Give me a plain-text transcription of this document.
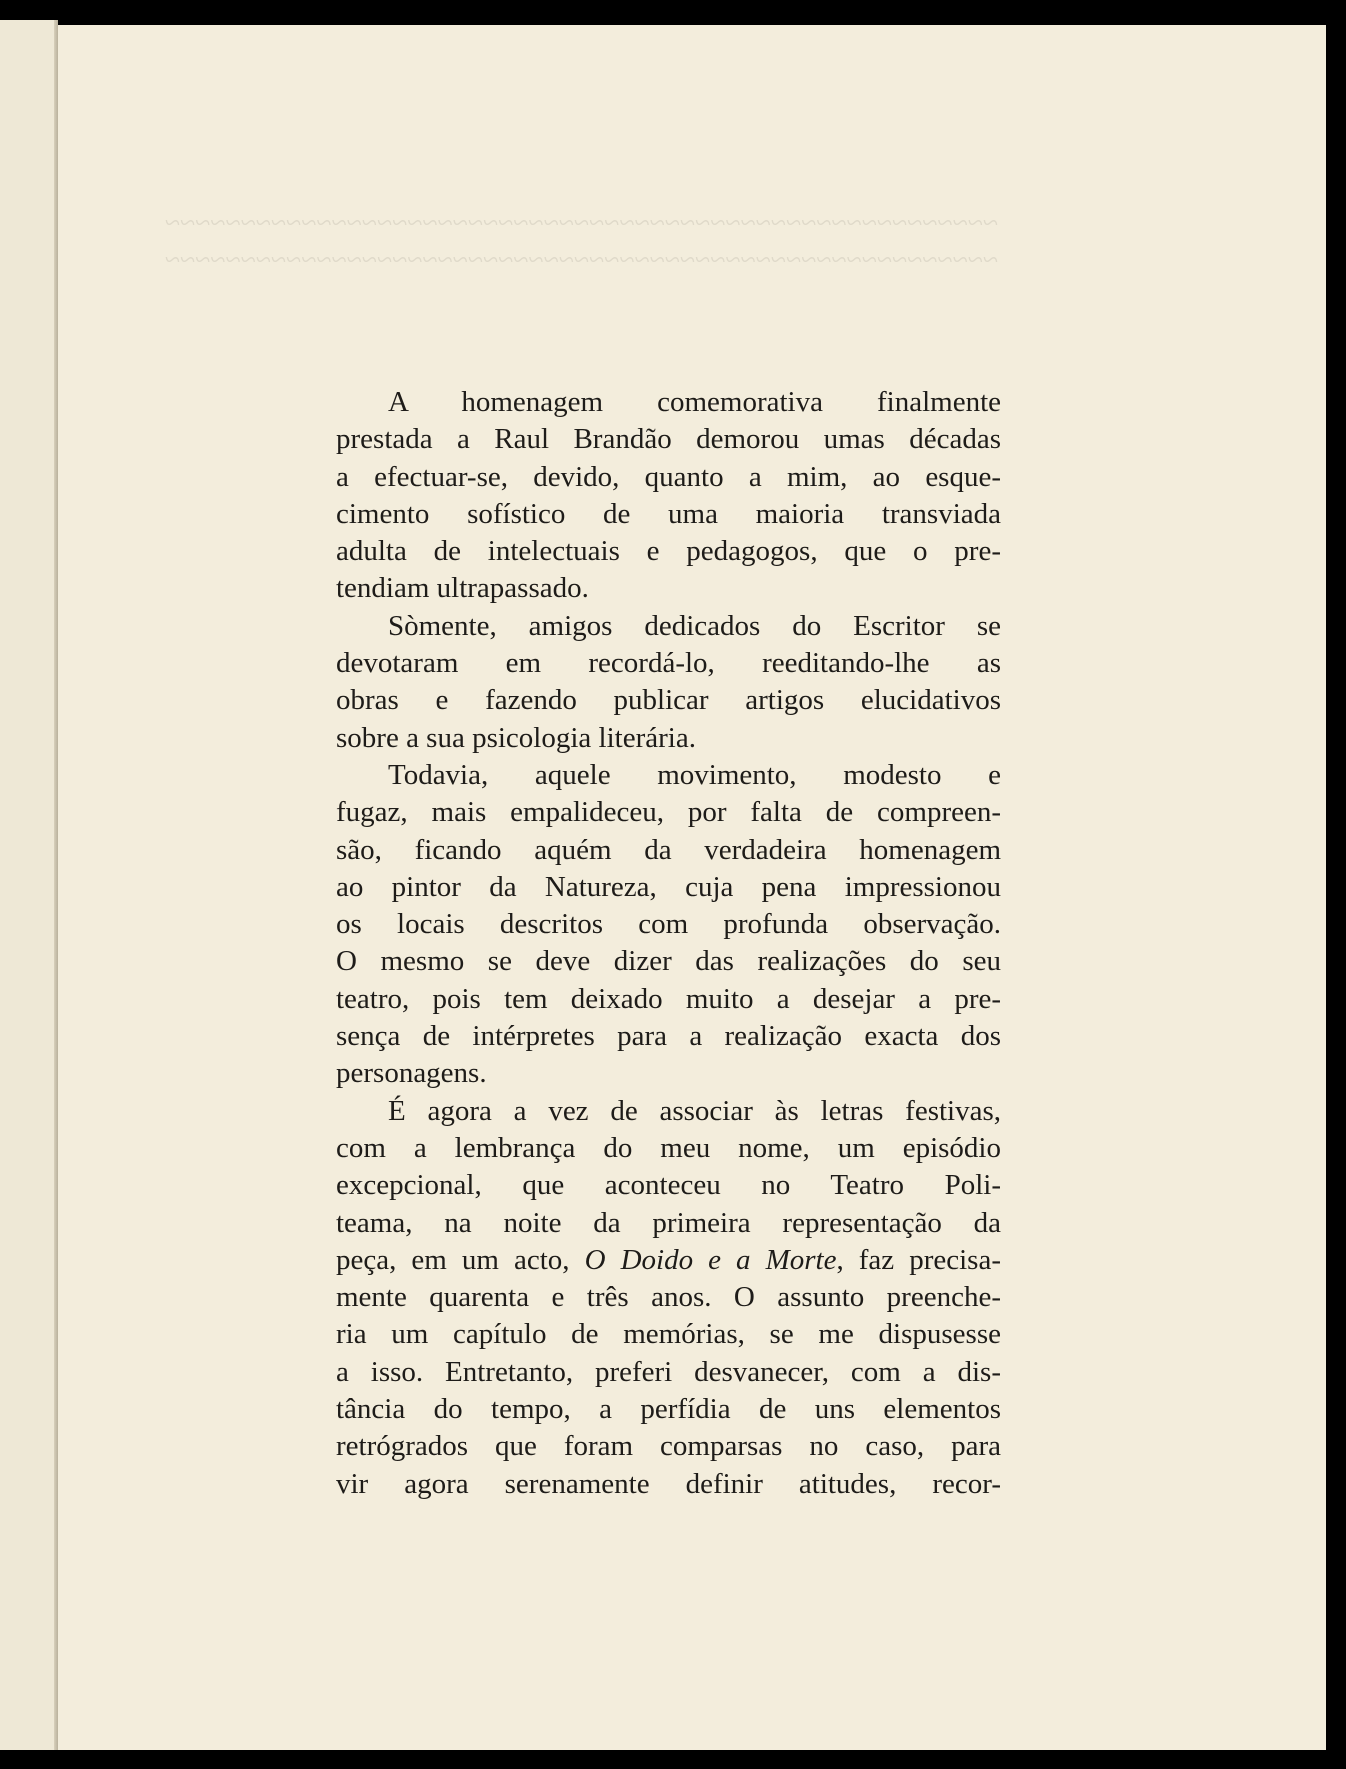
~~~~~~~~~~~~~~~~~~~~~~~~~~~~~~~~~~~~~~~~~~~~~~~~~~~~~~~

~~~~~~~~~~~~~~~~~~~~~~~~~~~~~~~~~~~~~~~~~~~~~~~~~~~~~~~

A homenagem comemorativa finalmente
prestada a Raul Brandão demorou umas décadas
a efectuar-se, devido, quanto a mim, ao esque-
cimento sofístico de uma maioria transviada
adulta de intelectuais e pedagogos, que o pre-
tendiam ultrapassado.
Sòmente, amigos dedicados do Escritor se
devotaram em recordá-lo, reeditando-lhe as
obras e fazendo publicar artigos elucidativos
sobre a sua psicologia literária.
Todavia, aquele movimento, modesto e
fugaz, mais empalideceu, por falta de compreen-
são, ficando aquém da verdadeira homenagem
ao pintor da Natureza, cuja pena impressionou
os locais descritos com profunda observação.
O mesmo se deve dizer das realizações do seu
teatro, pois tem deixado muito a desejar a pre-
sença de intérpretes para a realização exacta dos
personagens.
É agora a vez de associar às letras festivas,
com a lembrança do meu nome, um episódio
excepcional, que aconteceu no Teatro Poli-
teama, na noite da primeira representação da
peça, em um acto, O Doido e a Morte, faz precisa-
mente quarenta e três anos. O assunto preenche-
ria um capítulo de memórias, se me dispusesse
a isso. Entretanto, preferi desvanecer, com a dis-
tância do tempo, a perfídia de uns elementos
retrógrados que foram comparsas no caso, para
vir agora serenamente definir atitudes, recor-
